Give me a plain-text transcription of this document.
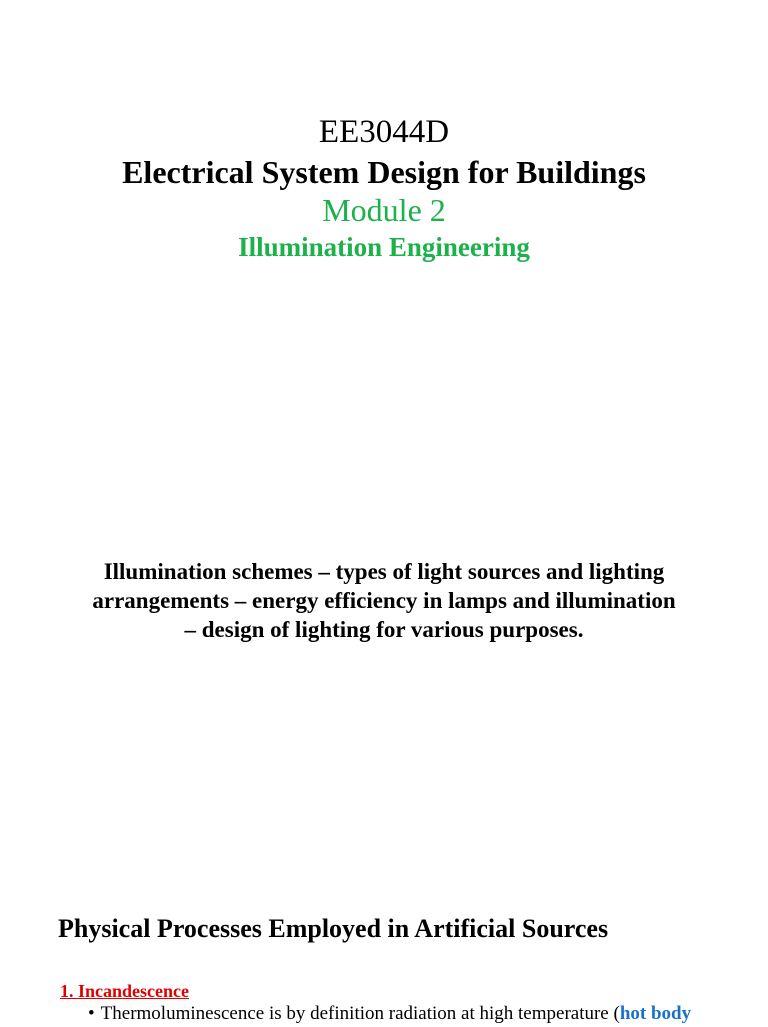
EE3044D
Electrical System Design for Buildings
Module 2
Illumination Engineering
Illumination schemes – types of light sources and lighting arrangements – energy efficiency in lamps and illumination – design of lighting for various purposes.
Physical Processes Employed in Artificial Sources
1. Incandescence
• Thermoluminescence is by definition radiation at high temperature (hot body
